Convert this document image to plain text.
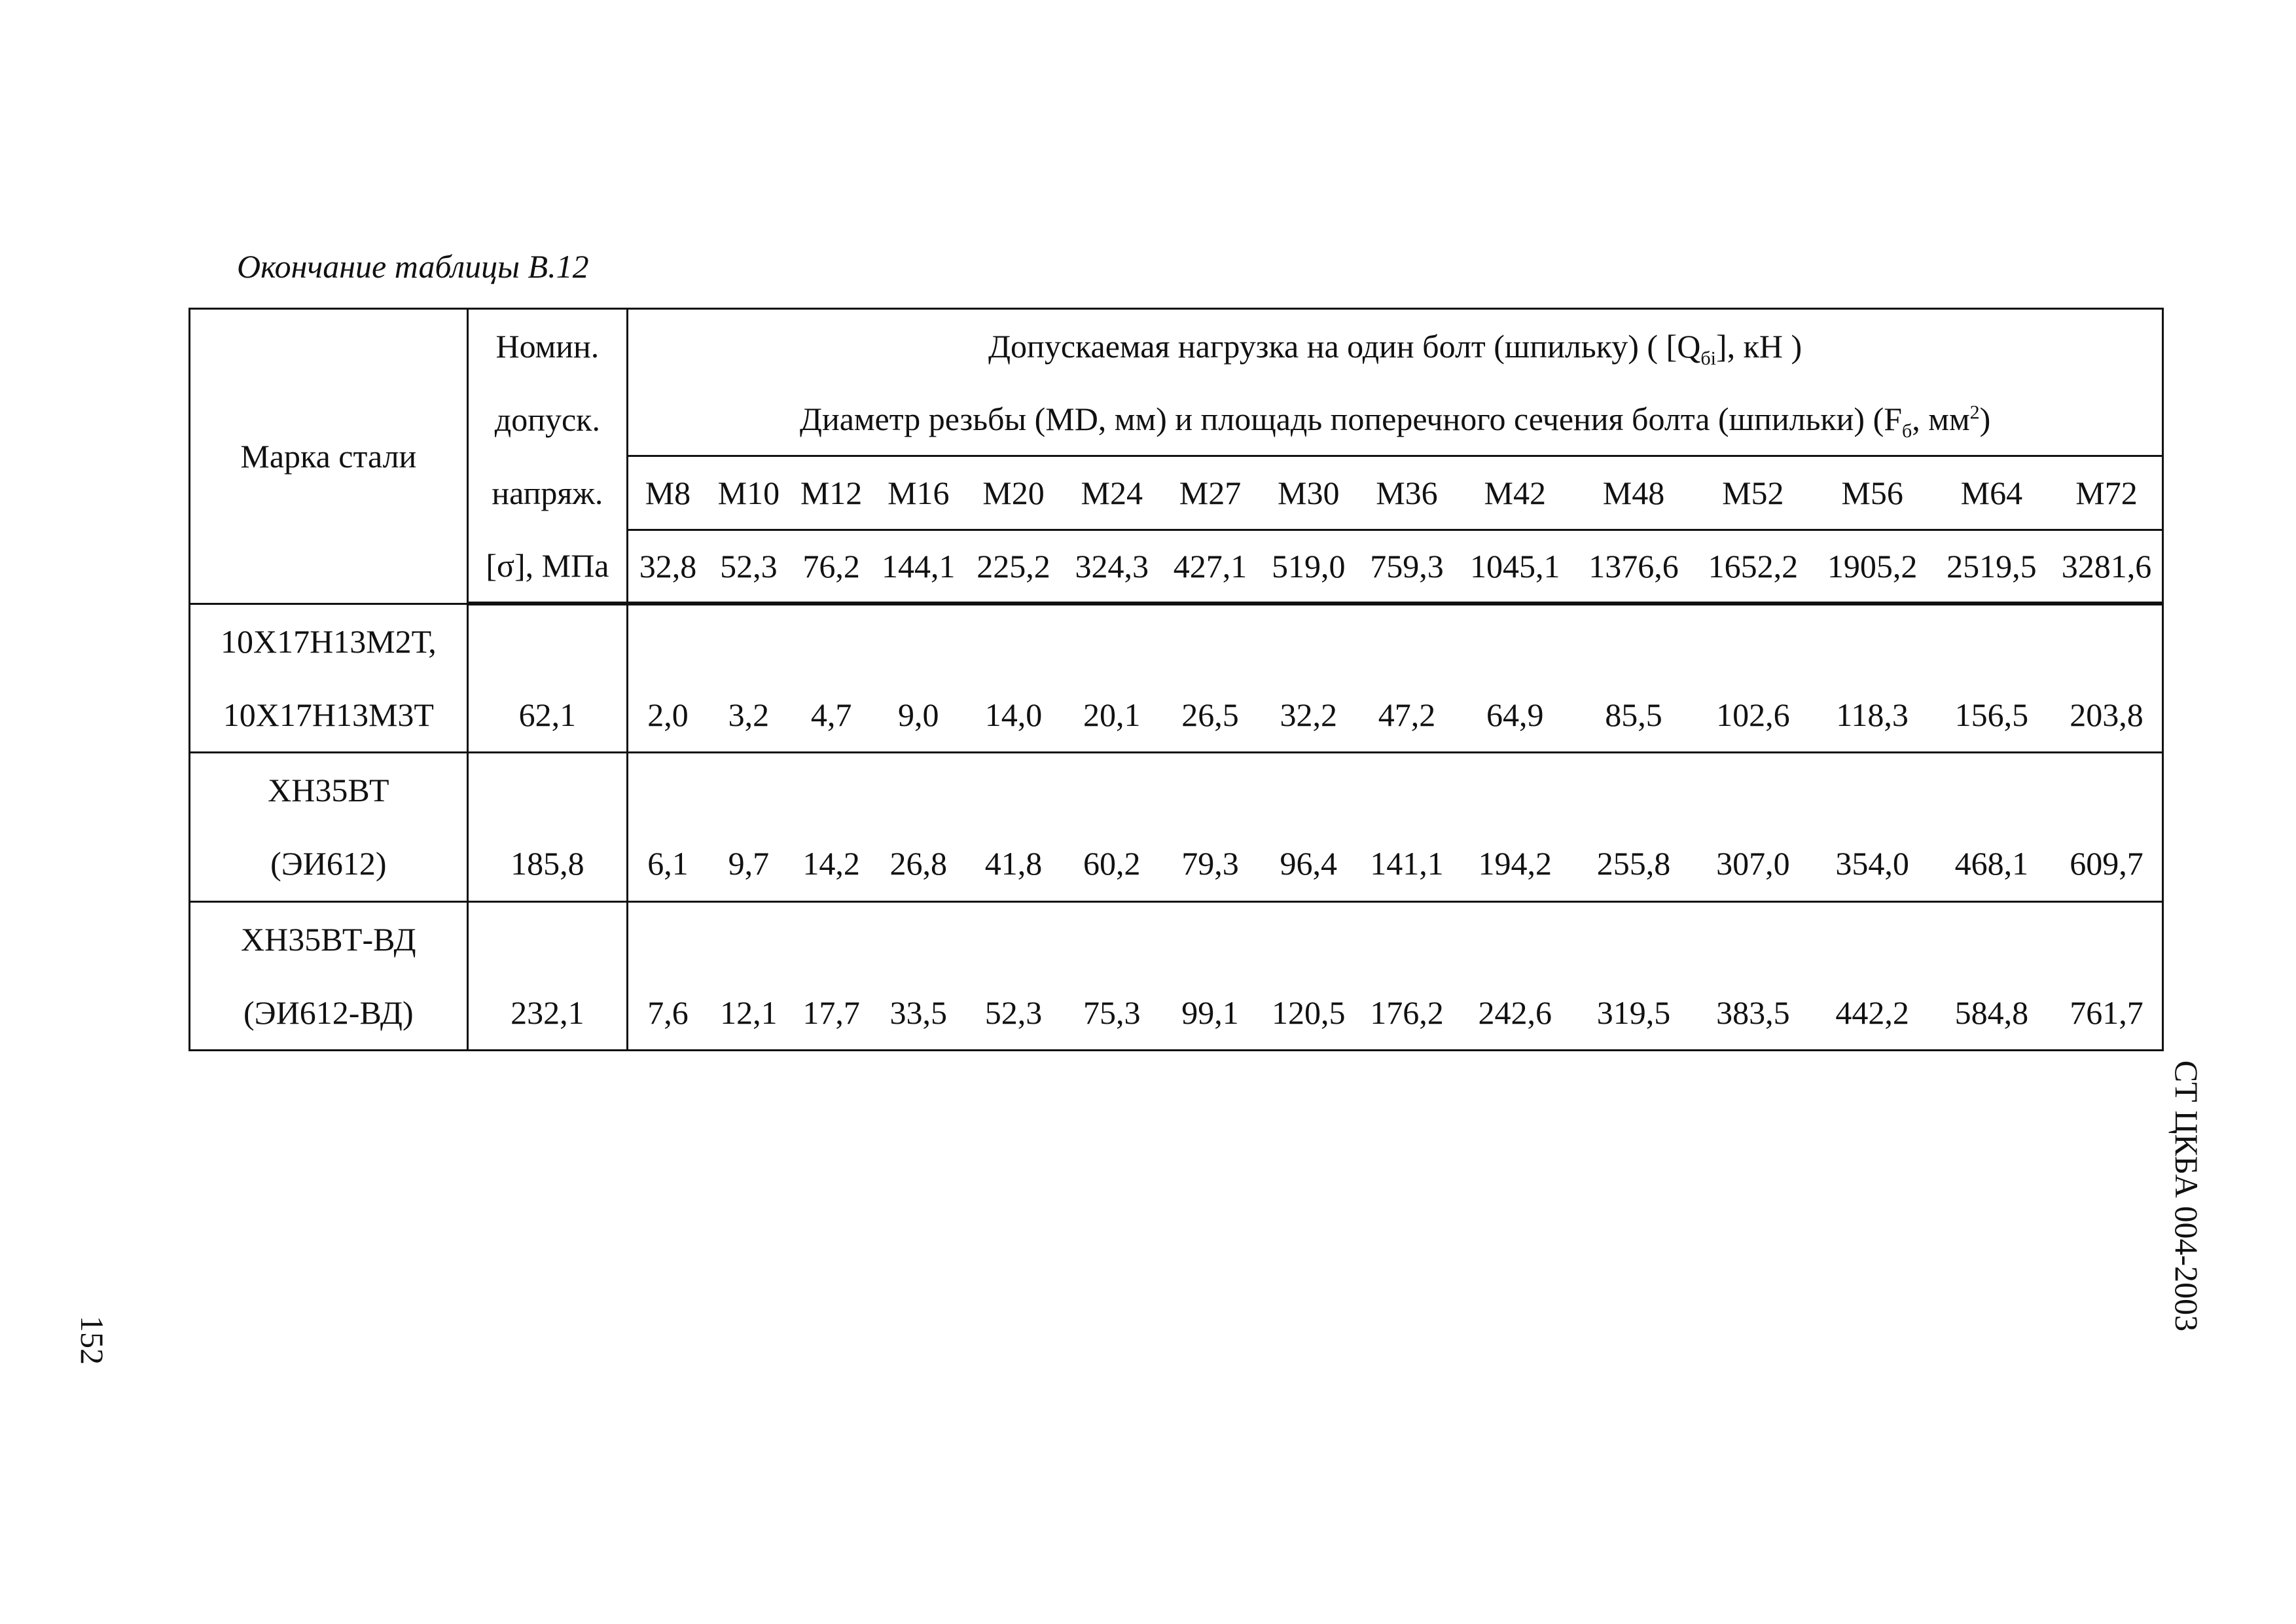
Окончание таблицы В.12
Марка стали	Номин.	Допускаемая нагрузка на один болт (шпильку) ( $[Q_{бi}]$, кН )														
	допуск.	Диаметр резьбы (MD, мм) и площадь поперечного сечения болта (шпильки) ($F_б$, $мм^2$)														
	напряж.	М8	М10	М12	М16	М20	М24	М27	М30	М36	М42	М48	М52	М56	М64	М72
	[σ], МПа	32,8	52,3	76,2	144,1	225,2	324,3	427,1	519,0	759,3	1045,1	1376,6	1652,2	1905,2	2519,5	3281,6
10Х17Н13М2Т,																
10Х17Н13М3Т	62,1	2,0	3,2	4,7	9,0	14,0	20,1	26,5	32,2	47,2	64,9	85,5	102,6	118,3	156,5	203,8
ХН35ВТ																
(ЭИ612)	185,8	6,1	9,7	14,2	26,8	41,8	60,2	79,3	96,4	141,1	194,2	255,8	307,0	354,0	468,1	609,7
ХН35ВТ-ВД																
(ЭИ612-ВД)	232,1	7,6	12,1	17,7	33,5	52,3	75,3	99,1	120,5	176,2	242,6	319,5	383,5	442,2	584,8	761,7
СТ ЦКБА 004-2003
152
